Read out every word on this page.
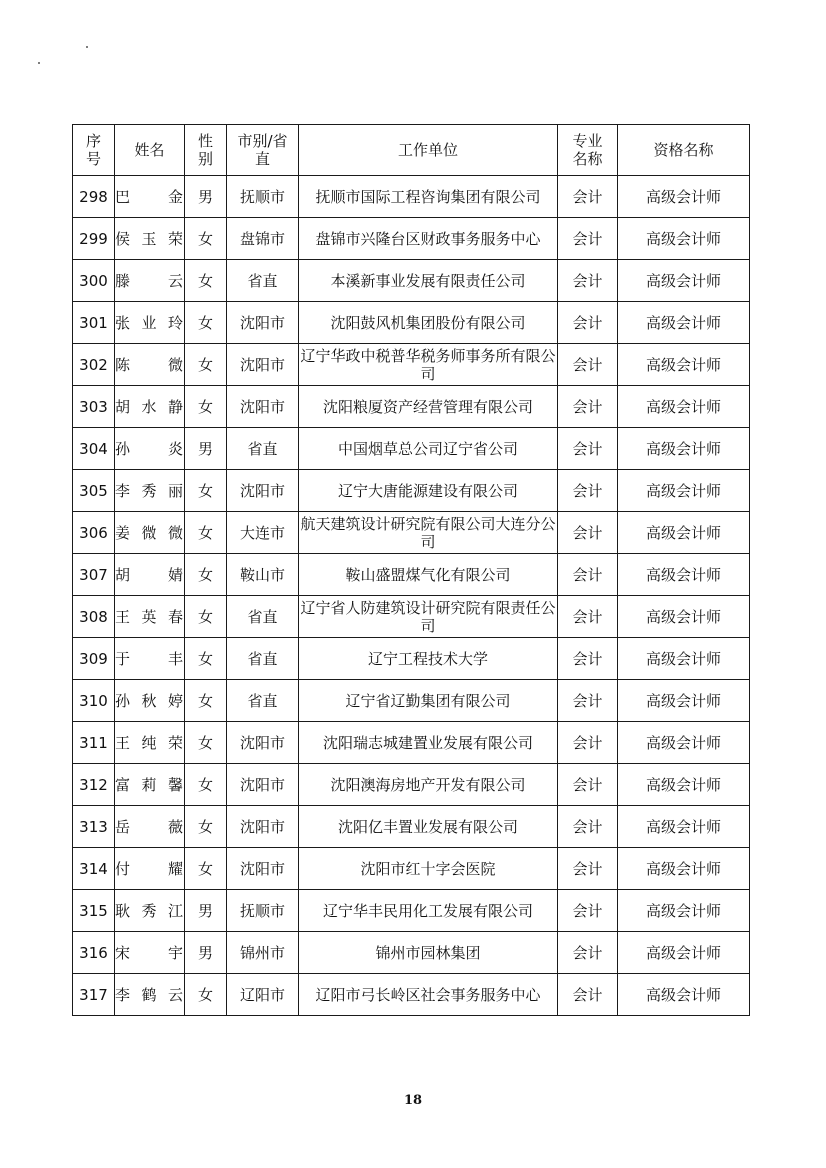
序号	姓名	性别	市别/省直	工作单位	专业名称	资格名称
298	巴金	男	抚顺市	抚顺市国际工程咨询集团有限公司	会计	高级会计师
299	侯玉荣	女	盘锦市	盘锦市兴隆台区财政事务服务中心	会计	高级会计师
300	滕云	女	省直	本溪新事业发展有限责任公司	会计	高级会计师
301	张业玲	女	沈阳市	沈阳鼓风机集团股份有限公司	会计	高级会计师
302	陈微	女	沈阳市	辽宁华政中税普华税务师事务所有限公司	会计	高级会计师
303	胡水静	女	沈阳市	沈阳粮厦资产经营管理有限公司	会计	高级会计师
304	孙炎	男	省直	中国烟草总公司辽宁省公司	会计	高级会计师
305	李秀丽	女	沈阳市	辽宁大唐能源建设有限公司	会计	高级会计师
306	姜微微	女	大连市	航天建筑设计研究院有限公司大连分公司	会计	高级会计师
307	胡婧	女	鞍山市	鞍山盛盟煤气化有限公司	会计	高级会计师
308	王英春	女	省直	辽宁省人防建筑设计研究院有限责任公司	会计	高级会计师
309	于丰	女	省直	辽宁工程技术大学	会计	高级会计师
310	孙秋婷	女	省直	辽宁省辽勤集团有限公司	会计	高级会计师
311	王纯荣	女	沈阳市	沈阳瑞志城建置业发展有限公司	会计	高级会计师
312	富莉馨	女	沈阳市	沈阳澳海房地产开发有限公司	会计	高级会计师
313	岳薇	女	沈阳市	沈阳亿丰置业发展有限公司	会计	高级会计师
314	付耀	女	沈阳市	沈阳市红十字会医院	会计	高级会计师
315	耿秀江	男	抚顺市	辽宁华丰民用化工发展有限公司	会计	高级会计师
316	宋宇	男	锦州市	锦州市园林集团	会计	高级会计师
317	李鹤云	女	辽阳市	辽阳市弓长岭区社会事务服务中心	会计	高级会计师
18
